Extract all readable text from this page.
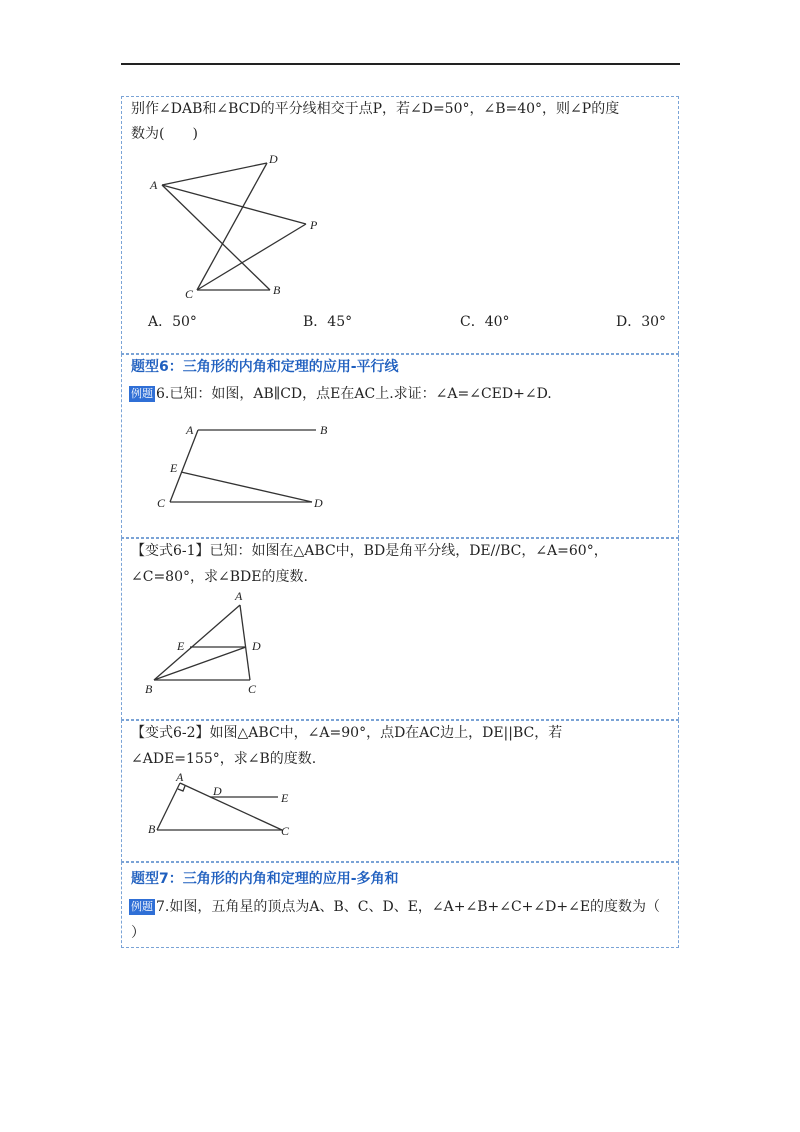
别作∠DAB和∠BCD的平分线相交于点P，若∠D=50°，∠B=40°，则∠P的度
数为(　　)
A
D
P
C	B
A．50°	B．45°	C．40°	D．30°
题型6：三角形的内角和定理的应用-平行线
例题 6.已知：如图，AB∥CD，点E在AC上.求证：∠A=∠CED+∠D.
A	B
E
C	D
【变式6-1】已知：如图在△ABC中，BD是角平分线，DE//BC，∠A=60°，
∠C=80°，求∠BDE的度数.
A
E	D
B	C
【变式6-2】如图△ABC中，∠A=90°，点D在AC边上，DE||BC，若
∠ADE=155°，求∠B的度数.
A
D	E
B	C
题型7：三角形的内角和定理的应用-多角和
例题 7.如图，五角星的顶点为A、B、C、D、E，∠A+∠B+∠C+∠D+∠E的度数为（
）
